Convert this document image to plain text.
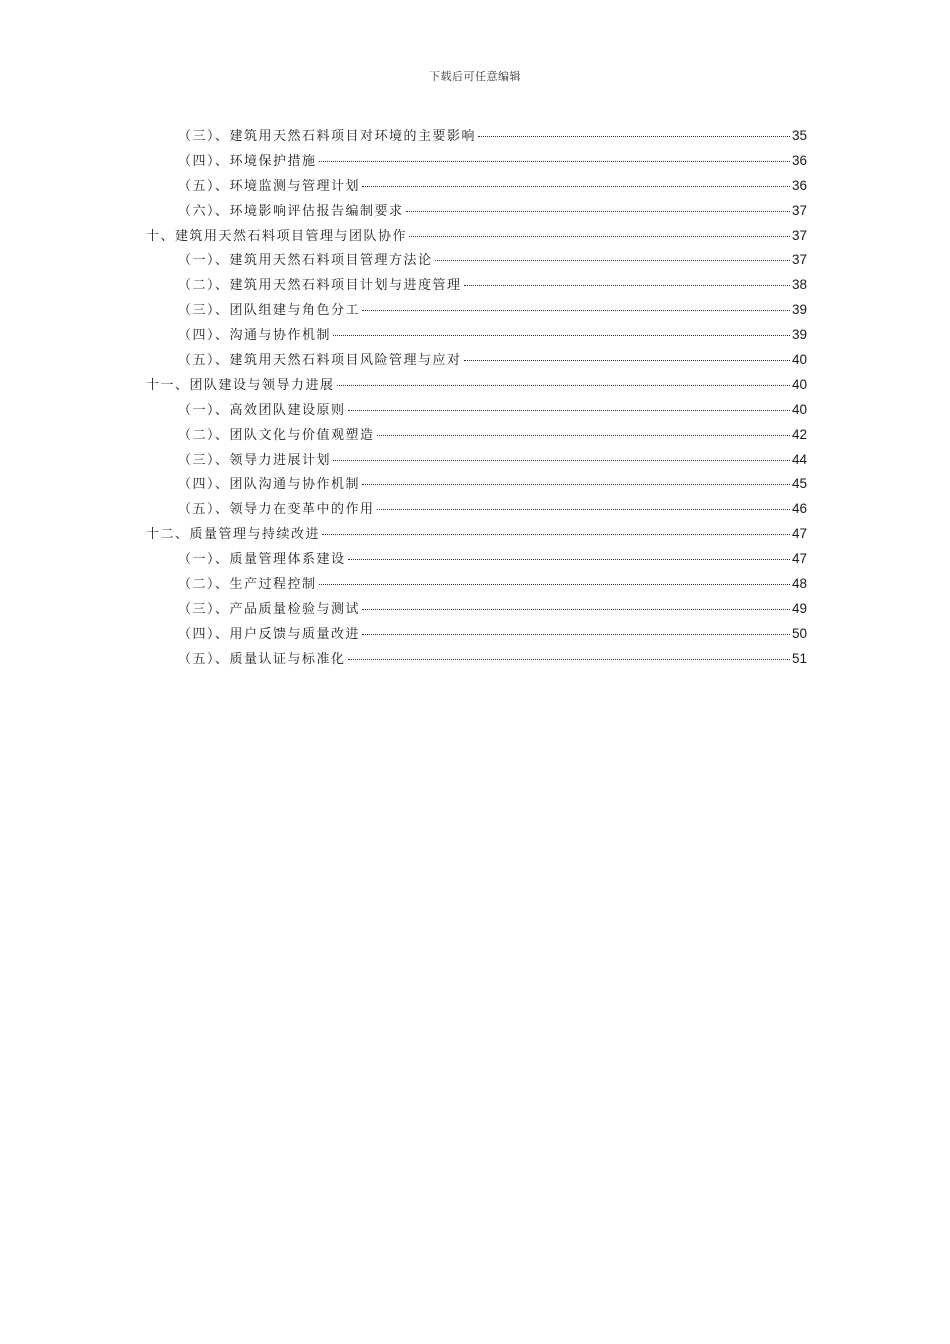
下载后可任意编辑
（三）、建筑用天然石料项目对环境的主要影响	35
（四）、环境保护措施	36
（五）、环境监测与管理计划	36
（六）、环境影响评估报告编制要求	37
十、建筑用天然石料项目管理与团队协作	37
（一）、建筑用天然石料项目管理方法论	37
（二）、建筑用天然石料项目计划与进度管理	38
（三）、团队组建与角色分工	39
（四）、沟通与协作机制	39
（五）、建筑用天然石料项目风险管理与应对	40
十一、团队建设与领导力进展	40
（一）、高效团队建设原则	40
（二）、团队文化与价值观塑造	42
（三）、领导力进展计划	44
（四）、团队沟通与协作机制	45
（五）、领导力在变革中的作用	46
十二、质量管理与持续改进	47
（一）、质量管理体系建设	47
（二）、生产过程控制	48
（三）、产品质量检验与测试	49
（四）、用户反馈与质量改进	50
（五）、质量认证与标准化	51
